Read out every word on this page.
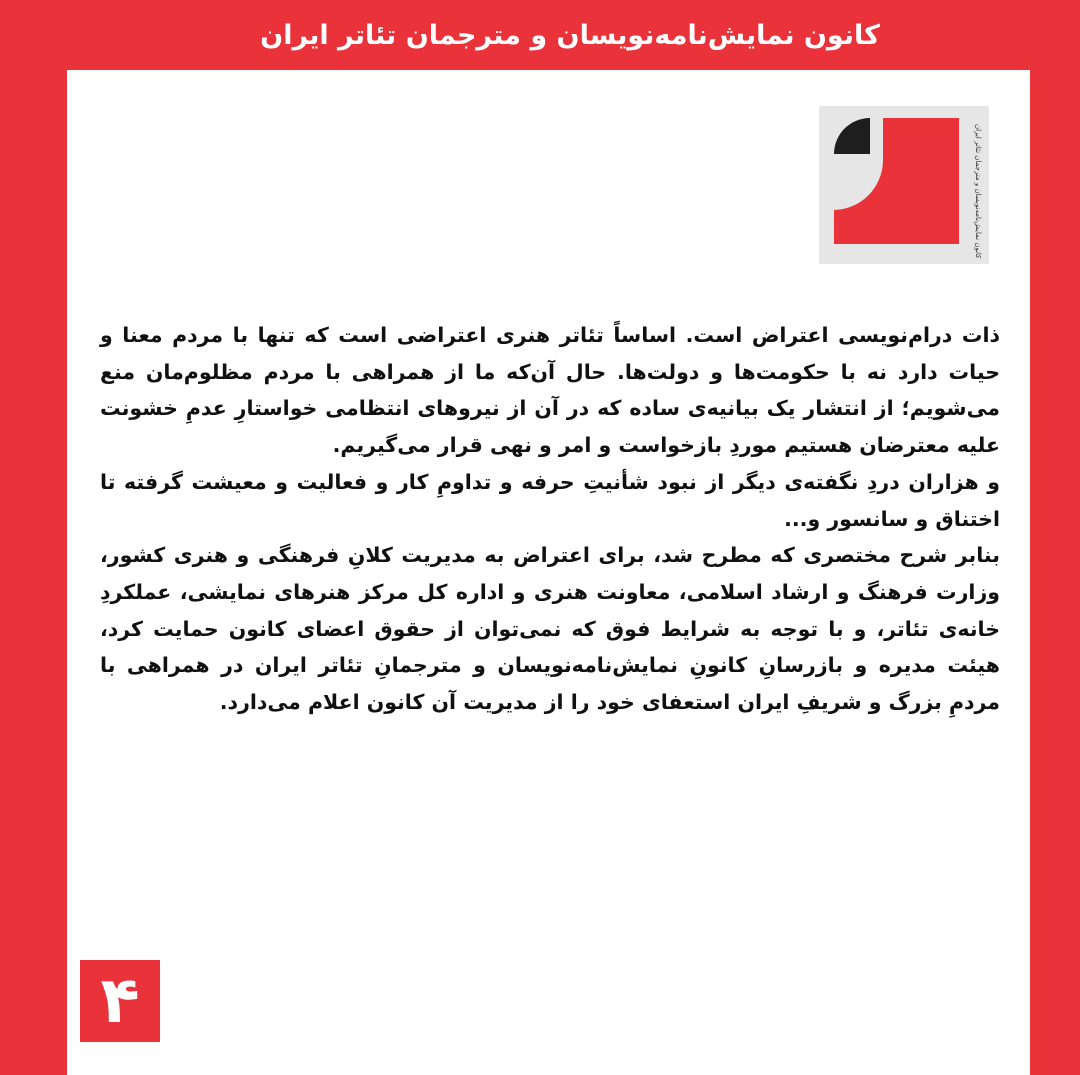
کانون نمایش‌نامه‌نویسان و مترجمان تئاتر ایران
کانون نمایش‌نامه‌نویسان و مترجمان تئاتر ایران

ذات درام‌نویسی اعتراض است. اساساً تئاتر هنری اعتراضی است که تنها با مردم معنا و حیات دارد نه با حکومت‌ها و دولت‌ها. حال آن‌که ما از همراهی با مردم مظلوم‌مان منع می‌شویم؛ از انتشار یک بیانیه‌ی ساده که در آن از نیروهای انتظامی خواستارِ عدمِ خشونت علیه معترضان هستیم موردِ بازخواست و امر و نهی قرار می‌گیریم.

و هزاران دردِ نگفته‌ی دیگر از نبود شأنیتِ حرفه و تداومِ کار و فعالیت و معیشت گرفته تا اختناق و سانسور و...

بنابر شرح مختصری که مطرح شد، برای اعتراض به مدیریت کلانِ فرهنگی و هنری کشور، وزارت فرهنگ و ارشاد اسلامی، معاونت هنری و اداره کل مرکز هنرهای نمایشی، عملکردِ خانه‌ی تئاتر، و با توجه به شرایط فوق که نمی‌توان از حقوق اعضای کانون حمایت کرد، هیئت مدیره و بازرسانِ کانونِ نمایش‌نامه‌نویسان و مترجمانِ تئاتر ایران در همراهی با مردمِ بزرگ و شریفِ ایران استعفای خود را از مدیریت آن کانون اعلام می‌دارد.

۴
